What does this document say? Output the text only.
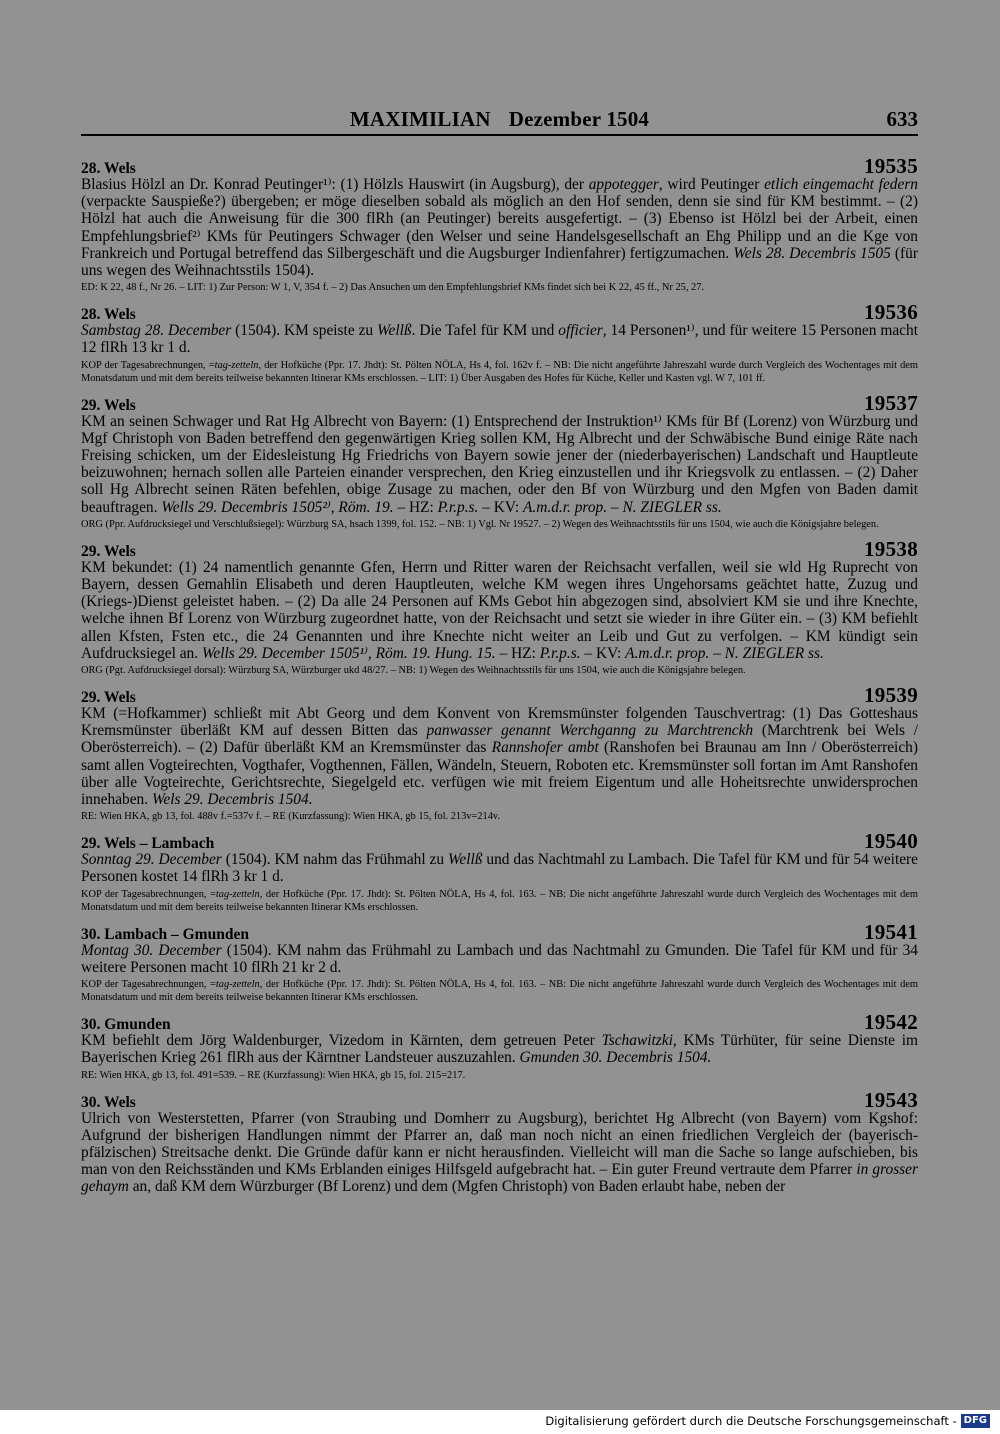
MAXIMILIAN Dezember 1504	633
28. Wels	19535

Blasius Hölzl an Dr. Konrad Peutinger¹⁾: (1) Hölzls Hauswirt (in Augsburg), der appotegger, wird Peutinger etlich eingemacht federn (verpackte Sauspieße?) übergeben; er möge dieselben sobald als möglich an den Hof senden, denn sie sind für KM bestimmt. – (2) Hölzl hat auch die Anweisung für die 300 flRh (an Peutinger) bereits ausgefertigt. – (3) Ebenso ist Hölzl bei der Arbeit, einen Empfehlungsbrief²⁾ KMs für Peutingers Schwager (den Welser und seine Handelsgesellschaft an Ehg Philipp und an die Kge von Frankreich und Portugal betreffend das Silbergeschäft und die Augsburger Indienfahrer) fertigzumachen. Wels 28. Decembris 1505 (für uns wegen des Weihnachtsstils 1504).

ED: K 22, 48 f., Nr 26. – LIT: 1) Zur Person: W 1, V, 354 f. – 2) Das Ansuchen um den Empfehlungsbrief KMs findet sich bei K 22, 45 ff., Nr 25, 27.

28. Wels	19536

Sambstag 28. December (1504). KM speiste zu Wellß. Die Tafel für KM und officier, 14 Personen¹⁾, und für weitere 15 Personen macht 12 flRh 13 kr 1 d.

KOP der Tagesabrechnungen, =tag-zetteln, der Hofküche (Ppr. 17. Jhdt): St. Pölten NÖLA, Hs 4, fol. 162v f. – NB: Die nicht angeführte Jahreszahl wurde durch Vergleich des Wochentages mit dem Monatsdatum und mit dem bereits teilweise bekannten Itinerar KMs erschlossen. – LIT: 1) Über Ausgaben des Hofes für Küche, Keller und Kasten vgl. W 7, 101 ff.

29. Wels	19537

KM an seinen Schwager und Rat Hg Albrecht von Bayern: (1) Entsprechend der Instruktion¹⁾ KMs für Bf (Lorenz) von Würzburg und Mgf Christoph von Baden betreffend den gegenwärtigen Krieg sollen KM, Hg Albrecht und der Schwäbische Bund einige Räte nach Freising schicken, um der Eidesleistung Hg Friedrichs von Bayern sowie jener der (niederbayerischen) Landschaft und Hauptleute beizuwohnen; hernach sollen alle Parteien einander versprechen, den Krieg einzustellen und ihr Kriegsvolk zu entlassen. – (2) Daher soll Hg Albrecht seinen Räten befehlen, obige Zusage zu machen, oder den Bf von Würzburg und den Mgfen von Baden damit beauftragen. Wells 29. Decembris 1505²⁾, Röm. 19. – HZ: P.r.p.s. – KV: A.m.d.r. prop. – N. ZIEGLER ss.

ORG (Ppr. Aufdrucksiegel und Verschlußsiegel): Würzburg SA, hsach 1399, fol. 152. – NB: 1) Vgl. Nr 19527. – 2) Wegen des Weihnachtsstils für uns 1504, wie auch die Königsjahre belegen.

29. Wels	19538

KM bekundet: (1) 24 namentlich genannte Gfen, Herrn und Ritter waren der Reichsacht verfallen, weil sie wld Hg Ruprecht von Bayern, dessen Gemahlin Elisabeth und deren Hauptleuten, welche KM wegen ihres Ungehorsams geächtet hatte, Zuzug und (Kriegs-)Dienst geleistet haben. – (2) Da alle 24 Personen auf KMs Gebot hin abgezogen sind, absolviert KM sie und ihre Knechte, welche ihnen Bf Lorenz von Würzburg zugeordnet hatte, von der Reichsacht und setzt sie wieder in ihre Güter ein. – (3) KM befiehlt allen Kfsten, Fsten etc., die 24 Genannten und ihre Knechte nicht weiter an Leib und Gut zu verfolgen. – KM kündigt sein Aufdrucksiegel an. Wells 29. December 1505¹⁾, Röm. 19. Hung. 15. – HZ: P.r.p.s. – KV: A.m.d.r. prop. – N. ZIEGLER ss.

ORG (Pgt. Aufdrucksiegel dorsal): Würzburg SA, Würzburger ukd 48/27. – NB: 1) Wegen des Weihnachtsstils für uns 1504, wie auch die Königsjahre belegen.

29. Wels	19539

KM (=Hofkammer) schließt mit Abt Georg und dem Konvent von Kremsmünster folgenden Tauschvertrag: (1) Das Gotteshaus Kremsmünster überläßt KM auf dessen Bitten das panwasser genannt Werchganng zu Marchtrenckh (Marchtrenk bei Wels / Oberösterreich). – (2) Dafür überläßt KM an Kremsmünster das Rannshofer ambt (Ranshofen bei Braunau am Inn / Oberösterreich) samt allen Vogteirechten, Vogthafer, Vogthennen, Fällen, Wändeln, Steuern, Roboten etc. Kremsmünster soll fortan im Amt Ranshofen über alle Vogteirechte, Gerichtsrechte, Siegelgeld etc. verfügen wie mit freiem Eigentum und alle Hoheitsrechte unwidersprochen innehaben. Wels 29. Decembris 1504.

RE: Wien HKA, gb 13, fol. 488v f.=537v f. – RE (Kurzfassung): Wien HKA, gb 15, fol. 213v=214v.

29. Wels – Lambach	19540

Sonntag 29. December (1504). KM nahm das Frühmahl zu Wellß und das Nachtmahl zu Lambach. Die Tafel für KM und für 54 weitere Personen kostet 14 flRh 3 kr 1 d.

KOP der Tagesabrechnungen, =tag-zetteln, der Hofküche (Ppr. 17. Jhdt): St. Pölten NÖLA, Hs 4, fol. 163. – NB: Die nicht angeführte Jahreszahl wurde durch Vergleich des Wochentages mit dem Monatsdatum und mit dem bereits teilweise bekannten Itinerar KMs erschlossen.

30. Lambach – Gmunden	19541

Montag 30. December (1504). KM nahm das Frühmahl zu Lambach und das Nachtmahl zu Gmunden. Die Tafel für KM und für 34 weitere Personen macht 10 flRh 21 kr 2 d.

KOP der Tagesabrechnungen, =tag-zetteln, der Hofküche (Ppr. 17. Jhdt): St. Pölten NÖLA, Hs 4, fol. 163. – NB: Die nicht angeführte Jahreszahl wurde durch Vergleich des Wochentages mit dem Monatsdatum und mit dem bereits teilweise bekannten Itinerar KMs erschlossen.

30. Gmunden	19542

KM befiehlt dem Jörg Waldenburger, Vizedom in Kärnten, dem getreuen Peter Tschawitzki, KMs Türhüter, für seine Dienste im Bayerischen Krieg 261 flRh aus der Kärntner Landsteuer auszuzahlen. Gmunden 30. Decembris 1504.

RE: Wien HKA, gb 13, fol. 491=539. – RE (Kurzfassung): Wien HKA, gb 15, fol. 215=217.

30. Wels	19543

Ulrich von Westerstetten, Pfarrer (von Straubing und Domherr zu Augsburg), berichtet Hg Albrecht (von Bayern) vom Kgshof: Aufgrund der bisherigen Handlungen nimmt der Pfarrer an, daß man noch nicht an einen friedlichen Vergleich der (bayerisch-pfälzischen) Streitsache denkt. Die Gründe dafür kann er nicht herausfinden. Vielleicht will man die Sache so lange aufschieben, bis man von den Reichsständen und KMs Erblanden einiges Hilfsgeld aufgebracht hat. – Ein guter Freund vertraute dem Pfarrer in grosser gehaym an, daß KM dem Würzburger (Bf Lorenz) und dem (Mgfen Christoph) von Baden erlaubt habe, neben der

Digitalisierung gefördert durch die Deutsche Forschungsgemeinschaft - DFG
